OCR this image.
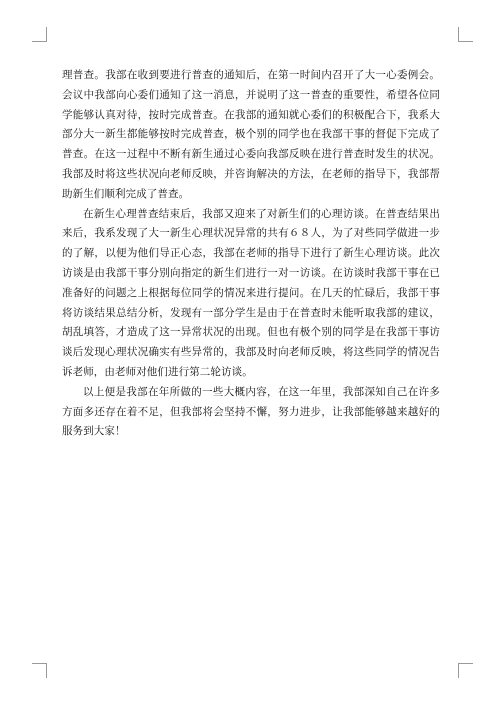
理普查。我部在收到要进行普查的通知后，在第一时间内召开了大一心委例会。会议中我部向心委们通知了这一消息，并说明了这一普查的重要性，希望各位同学能够认真对待，按时完成普查。在我部的通知就心委们的积极配合下，我系大部分大一新生都能够按时完成普查，极个别的同学也在我部干事的督促下完成了普查。在这一过程中不断有新生通过心委向我部反映在进行普查时发生的状况。我部及时将这些状况向老师反映，并咨询解决的方法，在老师的指导下，我部帮助新生们顺利完成了普查。

在新生心理普查结束后，我部又迎来了对新生们的心理访谈。在普查结果出来后，我系发现了大一新生心理状况异常的共有６８人，为了对些同学做进一步的了解，以便为他们导正心态，我部在老师的指导下进行了新生心理访谈。此次访谈是由我部干事分别向指定的新生们进行一对一访谈。在访谈时我部干事在已准备好的问题之上根据每位同学的情况来进行提问。在几天的忙碌后，我部干事将访谈结果总结分析，发现有一部分学生是由于在普查时未能听取我部的建议，胡乱填答，才造成了这一异常状况的出现。但也有极个别的同学是在我部干事访谈后发现心理状况确实有些异常的，我部及时向老师反映，将这些同学的情况告诉老师，由老师对他们进行第二轮访谈。

以上便是我部在年所做的一些大概内容，在这一年里，我部深知自己在许多方面多还存在着不足，但我部将会坚持不懈，努力进步，让我部能够越来越好的服务到大家！
